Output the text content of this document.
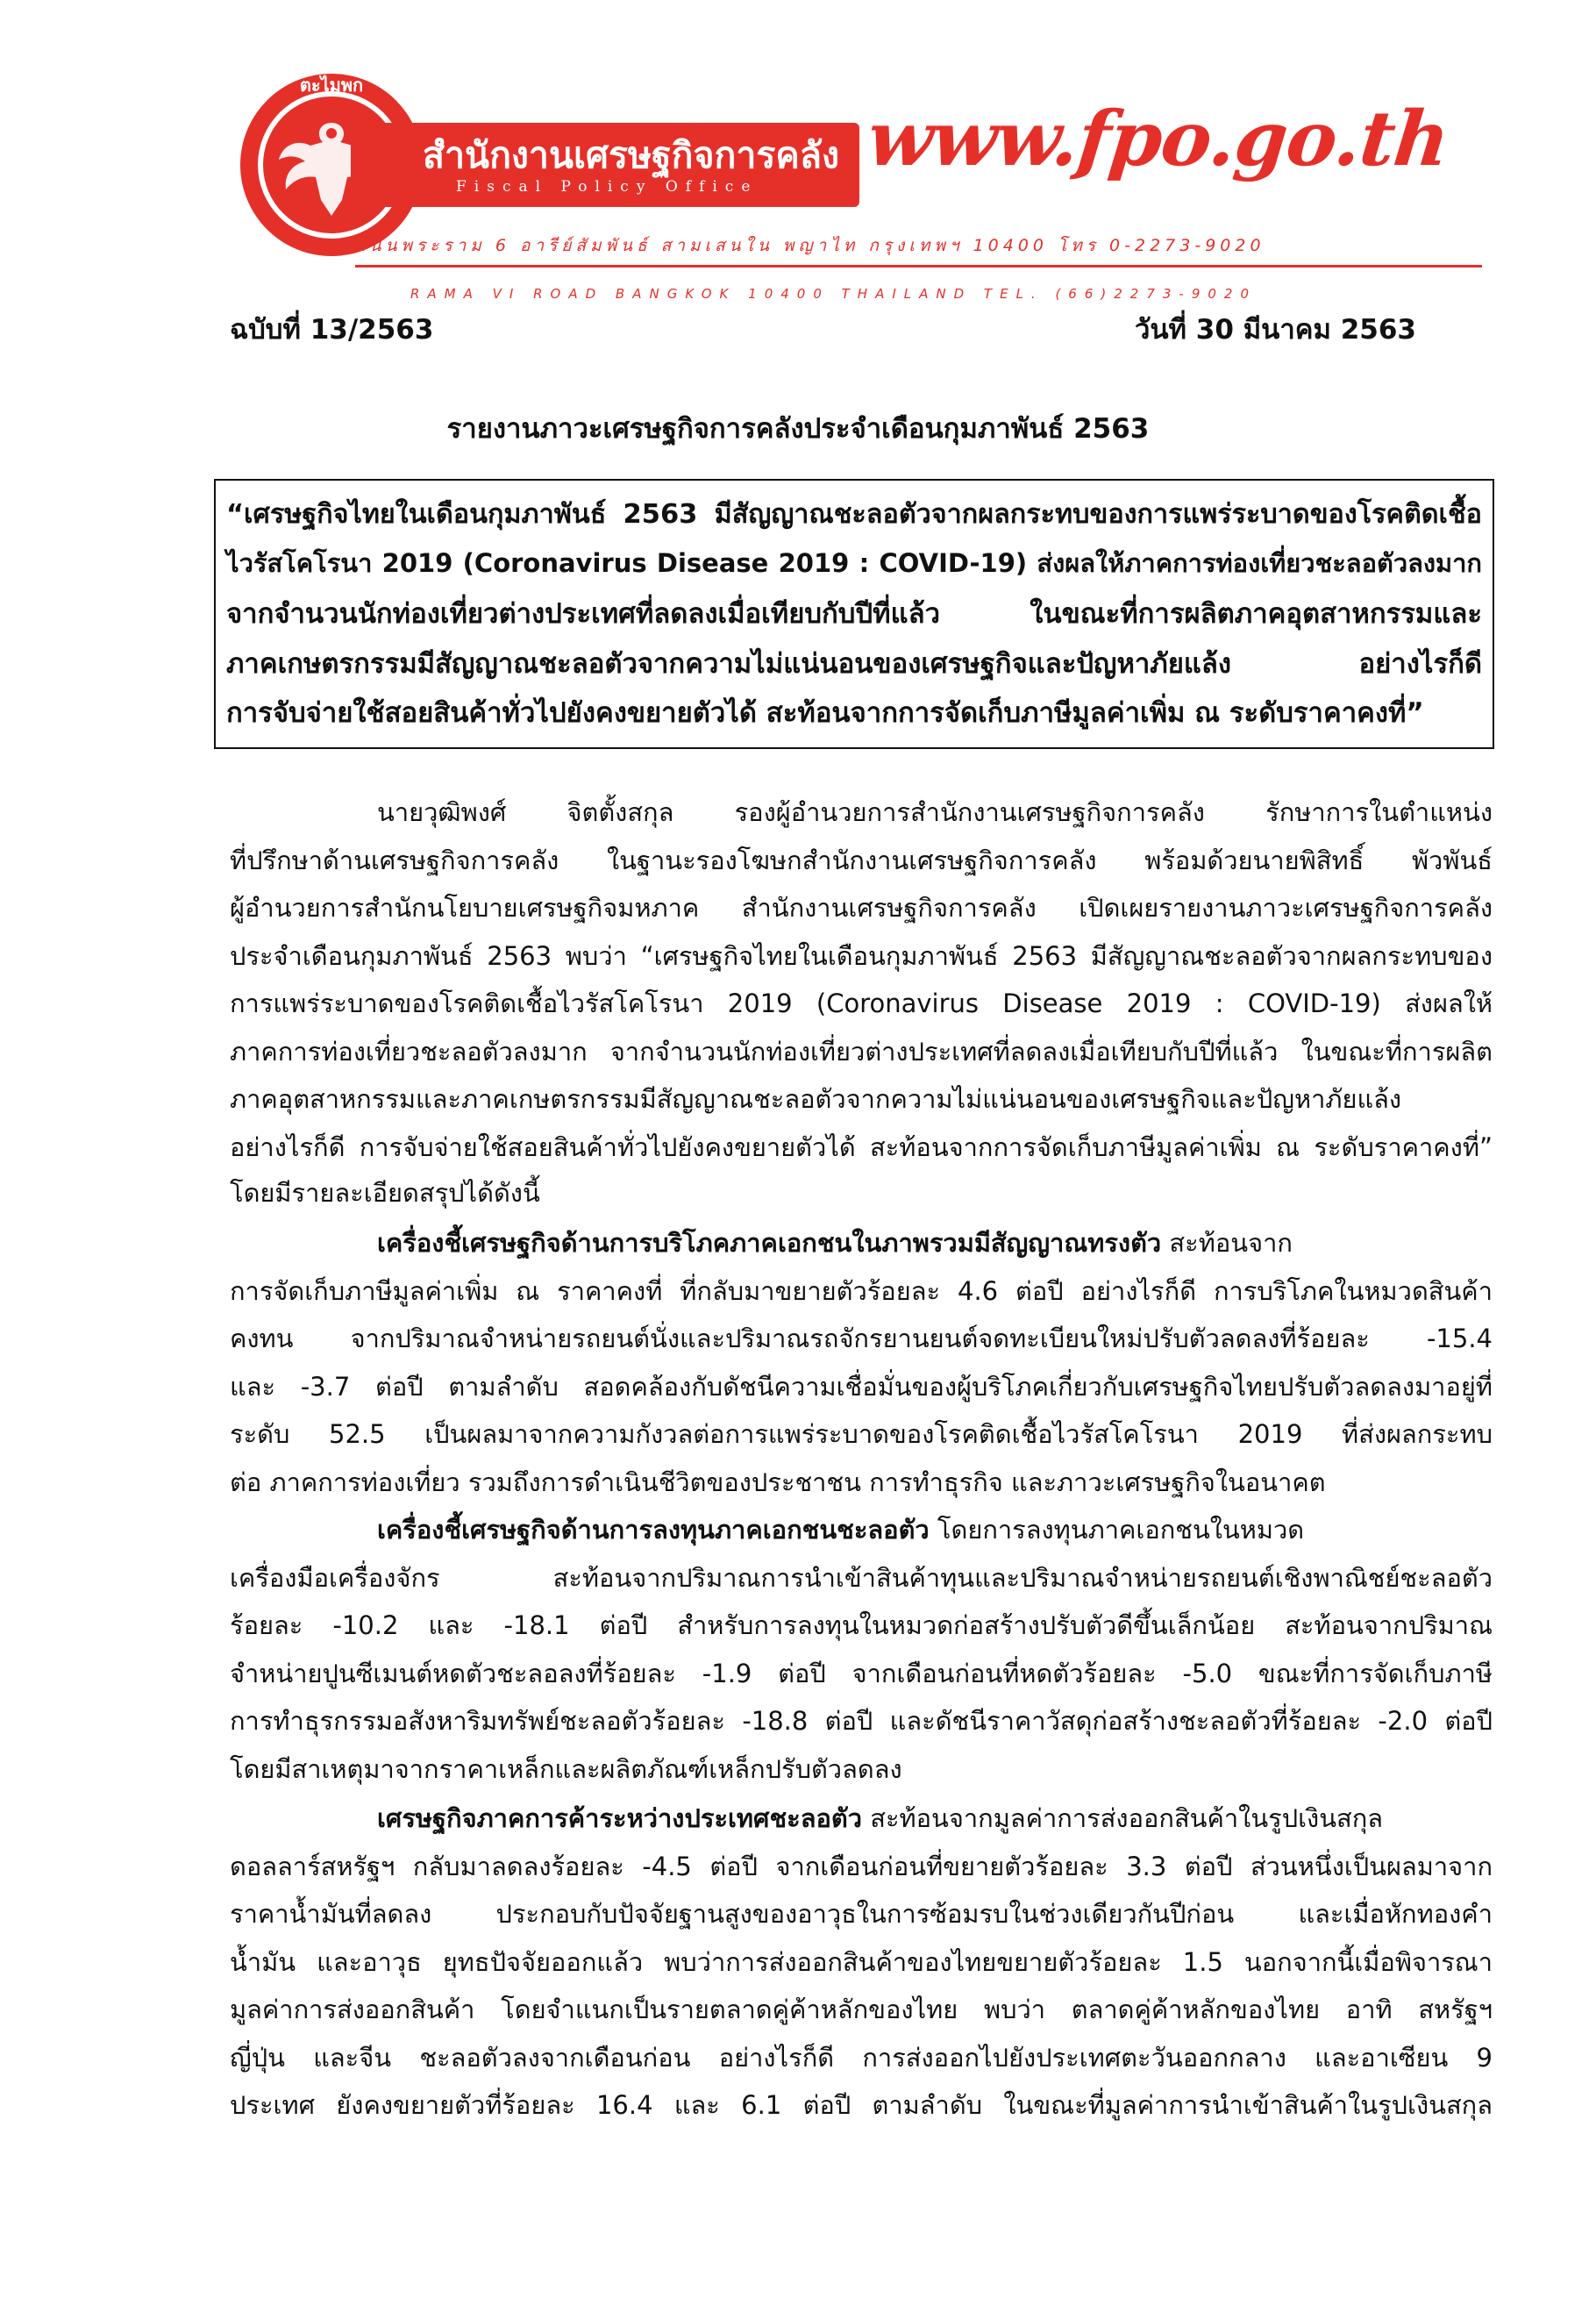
ตะไมพก
สำนักงานเศรษฐกิจการคลัง
Fiscal Policy Office
www.fpo.go.th
ถนนพระราม 6 อารีย์สัมพันธ์ สามเสนใน พญาไท กรุงเทพฯ 10400 โทร 0-2273-9020
RAMA VI ROAD BANGKOK 10400 THAILAND TEL. (66)2273-9020
ฉบับที่ 13/2563	วันที่ 30 มีนาคม 2563
รายงานภาวะเศรษฐกิจการคลังประจำเดือนกุมภาพันธ์ 2563
“เศรษฐกิจไทยในเดือนกุมภาพันธ์ 2563 มีสัญญาณชะลอตัวจากผลกระทบของการแพร่ระบาดของโรคติดเชื้อ
ไวรัสโคโรนา 2019 (Coronavirus Disease 2019 : COVID-19) ส่งผลให้ภาคการท่องเที่ยวชะลอตัวลงมาก
จากจำนวนนักท่องเที่ยวต่างประเทศที่ลดลงเมื่อเทียบกับปีที่แล้ว ในขณะที่การผลิตภาคอุตสาหกรรมและ
ภาคเกษตรกรรมมีสัญญาณชะลอตัวจากความไม่แน่นอนของเศรษฐกิจและปัญหาภัยแล้ง อย่างไรก็ดี
การจับจ่ายใช้สอยสินค้าทั่วไปยังคงขยายตัวได้ สะท้อนจากการจัดเก็บภาษีมูลค่าเพิ่ม ณ ระดับราคาคงที่”
นายวุฒิพงศ์ จิตตั้งสกุล รองผู้อำนวยการสำนักงานเศรษฐกิจการคลัง รักษาการในตำแหน่ง
ที่ปรึกษาด้านเศรษฐกิจการคลัง ในฐานะรองโฆษกสำนักงานเศรษฐกิจการคลัง พร้อมด้วยนายพิสิทธิ์ พัวพันธ์
ผู้อำนวยการสำนักนโยบายเศรษฐกิจมหภาค สำนักงานเศรษฐกิจการคลัง เปิดเผยรายงานภาวะเศรษฐกิจการคลัง
ประจำเดือนกุมภาพันธ์ 2563 พบว่า “เศรษฐกิจไทยในเดือนกุมภาพันธ์ 2563 มีสัญญาณชะลอตัวจากผลกระทบของ
การแพร่ระบาดของโรคติดเชื้อไวรัสโคโรนา 2019 (Coronavirus Disease 2019 : COVID-19) ส่งผลให้
ภาคการท่องเที่ยวชะลอตัวลงมาก จากจำนวนนักท่องเที่ยวต่างประเทศที่ลดลงเมื่อเทียบกับปีที่แล้ว ในขณะที่การผลิต
ภาคอุตสาหกรรมและภาคเกษตรกรรมมีสัญญาณชะลอตัวจากความไม่แน่นอนของเศรษฐกิจและปัญหาภัยแล้ง
อย่างไรก็ดี การจับจ่ายใช้สอยสินค้าทั่วไปยังคงขยายตัวได้ สะท้อนจากการจัดเก็บภาษีมูลค่าเพิ่ม ณ ระดับราคาคงที่”
โดยมีรายละเอียดสรุปได้ดังนี้
เครื่องชี้เศรษฐกิจด้านการบริโภคภาคเอกชนในภาพรวมมีสัญญาณทรงตัว สะท้อนจาก
การจัดเก็บภาษีมูลค่าเพิ่ม ณ ราคาคงที่ ที่กลับมาขยายตัวร้อยละ 4.6 ต่อปี อย่างไรก็ดี การบริโภคในหมวดสินค้า
คงทน จากปริมาณจำหน่ายรถยนต์นั่งและปริมาณรถจักรยานยนต์จดทะเบียนใหม่ปรับตัวลดลงที่ร้อยละ -15.4
และ -3.7 ต่อปี ตามลำดับ สอดคล้องกับดัชนีความเชื่อมั่นของผู้บริโภคเกี่ยวกับเศรษฐกิจไทยปรับตัวลดลงมาอยู่ที่
ระดับ 52.5 เป็นผลมาจากความกังวลต่อการแพร่ระบาดของโรคติดเชื้อไวรัสโคโรนา 2019 ที่ส่งผลกระทบ
ต่อ ภาคการท่องเที่ยว รวมถึงการดำเนินชีวิตของประชาชน การทำธุรกิจ และภาวะเศรษฐกิจในอนาคต
เครื่องชี้เศรษฐกิจด้านการลงทุนภาคเอกชนชะลอตัว โดยการลงทุนภาคเอกชนในหมวด
เครื่องมือเครื่องจักร สะท้อนจากปริมาณการนำเข้าสินค้าทุนและปริมาณจำหน่ายรถยนต์เชิงพาณิชย์ชะลอตัว
ร้อยละ -10.2 และ -18.1 ต่อปี สำหรับการลงทุนในหมวดก่อสร้างปรับตัวดีขึ้นเล็กน้อย สะท้อนจากปริมาณ
จำหน่ายปูนซีเมนต์หดตัวชะลอลงที่ร้อยละ -1.9 ต่อปี จากเดือนก่อนที่หดตัวร้อยละ -5.0 ขณะที่การจัดเก็บภาษี
การทำธุรกรรมอสังหาริมทรัพย์ชะลอตัวร้อยละ -18.8 ต่อปี และดัชนีราคาวัสดุก่อสร้างชะลอตัวที่ร้อยละ -2.0 ต่อปี
โดยมีสาเหตุมาจากราคาเหล็กและผลิตภัณฑ์เหล็กปรับตัวลดลง
เศรษฐกิจภาคการค้าระหว่างประเทศชะลอตัว สะท้อนจากมูลค่าการส่งออกสินค้าในรูปเงินสกุล
ดอลลาร์สหรัฐฯ กลับมาลดลงร้อยละ -4.5 ต่อปี จากเดือนก่อนที่ขยายตัวร้อยละ 3.3 ต่อปี ส่วนหนึ่งเป็นผลมาจาก
ราคาน้ำมันที่ลดลง ประกอบกับปัจจัยฐานสูงของอาวุธในการซ้อมรบในช่วงเดียวกันปีก่อน และเมื่อหักทองคำ
น้ำมัน และอาวุธ ยุทธปัจจัยออกแล้ว พบว่าการส่งออกสินค้าของไทยขยายตัวร้อยละ 1.5 นอกจากนี้เมื่อพิจารณา
มูลค่าการส่งออกสินค้า โดยจำแนกเป็นรายตลาดคู่ค้าหลักของไทย พบว่า ตลาดคู่ค้าหลักของไทย อาทิ สหรัฐฯ
ญี่ปุ่น และจีน ชะลอตัวลงจากเดือนก่อน อย่างไรก็ดี การส่งออกไปยังประเทศตะวันออกกลาง และอาเซียน 9
ประเทศ ยังคงขยายตัวที่ร้อยละ 16.4 และ 6.1 ต่อปี ตามลำดับ ในขณะที่มูลค่าการนำเข้าสินค้าในรูปเงินสกุล
